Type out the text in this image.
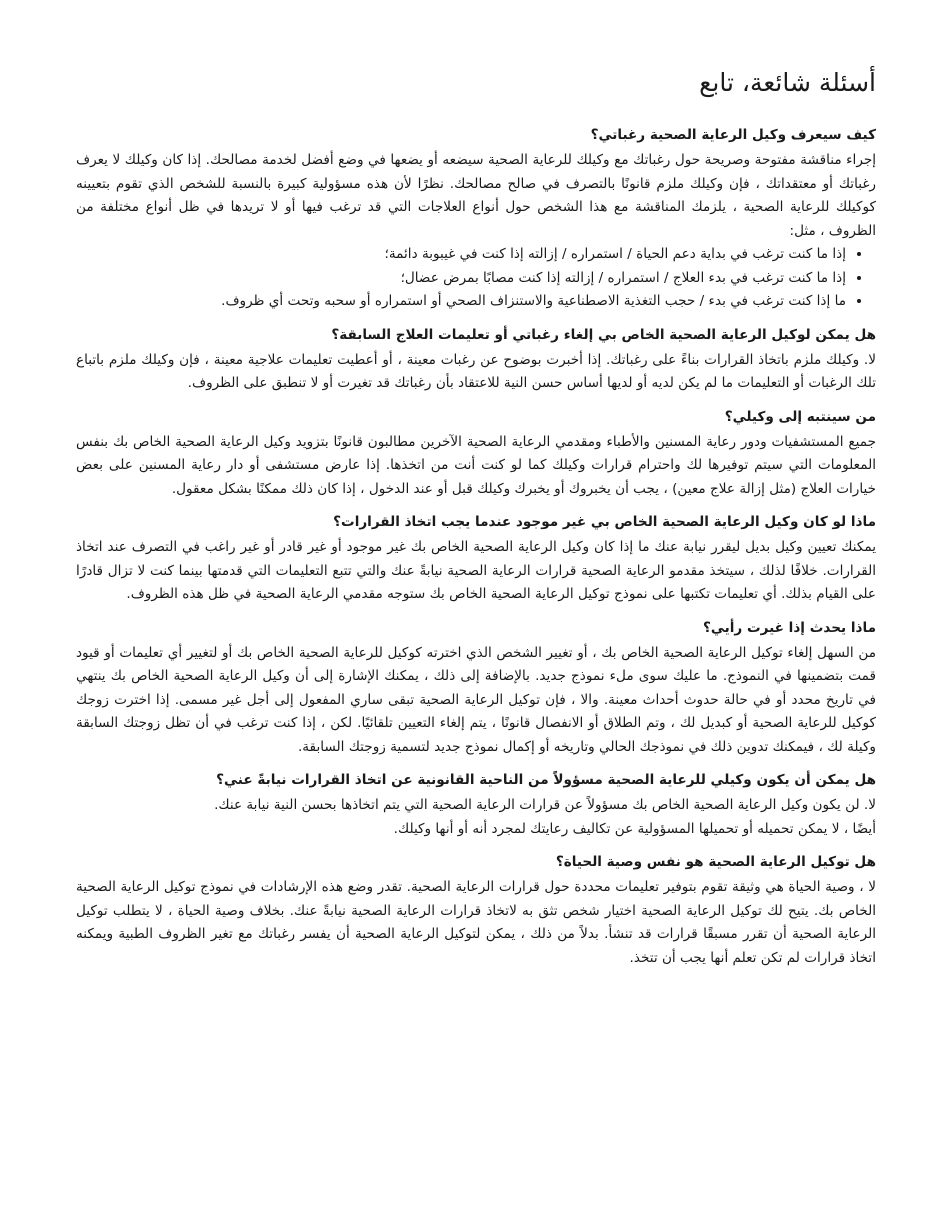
أسئلة شائعة، تابع
كيف سيعرف وكيل الرعاية الصحية رغباتي؟

إجراء مناقشة مفتوحة وصريحة حول رغباتك مع وكيلك للرعاية الصحية سيضعه أو يضعها في وضع أفضل لخدمة مصالحك. إذا كان وكيلك لا يعرف رغباتك أو معتقداتك ، فإن وكيلك ملزم قانونًا بالتصرف في صالح مصالحك. نظرًا لأن هذه مسؤولية كبيرة بالنسبة للشخص الذي تقوم بتعيينه كوكيلك للرعاية الصحية ، يلزمك المناقشة مع هذا الشخص حول أنواع العلاجات التي قد ترغب فيها أو لا تريدها في ظل أنواع مختلفة من الظروف ، مثل:

• إذا ما كنت ترغب في بداية دعم الحياة / استمراره / إزالته إذا كنت في غيبوبة دائمة؛
• إذا ما كنت ترغب في بدء العلاج / استمراره / إزالته إذا كنت مصابًا بمرض عضال؛
• ما إذا كنت ترغب في بدء / حجب التغذية الاصطناعية والاستنزاف الصحي أو استمراره أو سحبه وتحت أي ظروف.
هل يمكن لوكيل الرعاية الصحية الخاص بي إلغاء رغباتي أو تعليمات العلاج السابقة؟

لا. وكيلك ملزم باتخاذ القرارات بناءً على رغباتك. إذا أخبرت بوضوح عن رغبات معينة ، أو أعطيت تعليمات علاجية معينة ، فإن وكيلك ملزم باتباع تلك الرغبات أو التعليمات ما لم يكن لديه أو لديها أساس حسن النية للاعتقاد بأن رغباتك قد تغيرت أو لا تنطبق على الظروف.

من سينتبه إلى وكيلي؟

جميع المستشفيات ودور رعاية المسنين والأطباء ومقدمي الرعاية الصحية الآخرين مطالبون قانونًا بتزويد وكيل الرعاية الصحية الخاص بك بنفس المعلومات التي سيتم توفيرها لك واحترام قرارات وكيلك كما لو كنت أنت من اتخذها. إذا عارض مستشفى أو دار رعاية المسنين على بعض خيارات العلاج (مثل إزالة علاج معين) ، يجب أن يخبروك أو يخبرك وكيلك قبل أو عند الدخول ، إذا كان ذلك ممكنًا بشكل معقول.

ماذا لو كان وكيل الرعاية الصحية الخاص بي غير موجود عندما يجب اتخاذ القرارات؟

يمكنك تعيين وكيل بديل ليقرر نيابة عنك ما إذا كان وكيل الرعاية الصحية الخاص بك غير موجود أو غير قادر أو غير راغب في التصرف عند اتخاذ القرارات. خلافًا لذلك ، سيتخذ مقدمو الرعاية الصحية قرارات الرعاية الصحية نيابةً عنك والتي تتبع التعليمات التي قدمتها بينما كنت لا تزال قادرًا على القيام بذلك. أي تعليمات تكتبها على نموذج توكيل الرعاية الصحية الخاص بك ستوجه مقدمي الرعاية الصحية في ظل هذه الظروف.

ماذا يحدث إذا غيرت رأيي؟

من السهل إلغاء توكيل الرعاية الصحية الخاص بك ، أو تغيير الشخص الذي اخترته كوكيل للرعاية الصحية الخاص بك أو لتغيير أي تعليمات أو قيود قمت بتضمينها في النموذج. ما عليك سوى ملء نموذج جديد. بالإضافة إلى ذلك ، يمكنك الإشارة إلى أن وكيل الرعاية الصحية الخاص بك ينتهي في تاريخ محدد أو في حالة حدوث أحداث معينة. والا ، فإن توكيل الرعاية الصحية تبقى ساري المفعول إلى أجل غير مسمى. إذا اخترت زوجك كوكيل للرعاية الصحية أو كبديل لك ، وتم الطلاق أو الانفصال قانونًا ، يتم إلغاء التعيين تلقائيًا. لكن ، إذا كنت ترغب في أن تظل زوجتك السابقة وكيلة لك ، فيمكنك تدوين ذلك في نموذجك الحالي وتاريخه أو إكمال نموذج جديد لتسمية زوجتك السابقة.

هل يمكن أن يكون وكيلي للرعاية الصحية مسؤولاً من الناحية القانونية عن اتخاذ القرارات نيابةً عني؟

لا. لن يكون وكيل الرعاية الصحية الخاص بك مسؤولاً عن قرارات الرعاية الصحية التي يتم اتخاذها بحسن النية نيابة عنك.

أيضًا ، لا يمكن تحميله أو تحميلها المسؤولية عن تكاليف رعايتك لمجرد أنه أو أنها وكيلك.

هل توكيل الرعاية الصحية هو نفس وصية الحياة؟

لا ، وصية الحياة هي وثيقة تقوم بتوفير تعليمات محددة حول قرارات الرعاية الصحية. تقدر وضع هذه الإرشادات في نموذج توكيل الرعاية الصحية الخاص بك. يتيح لك توكيل الرعاية الصحية اختيار شخص تثق به لاتخاذ قرارات الرعاية الصحية نيابةً عنك. بخلاف وصية الحياة ، لا يتطلب توكيل الرعاية الصحية أن تقرر مسبقًا قرارات قد تنشأ. بدلاً من ذلك ، يمكن لتوكيل الرعاية الصحية أن يفسر رغباتك مع تغير الظروف الطبية ويمكنه اتخاذ قرارات لم تكن تعلم أنها يجب أن تتخذ.
